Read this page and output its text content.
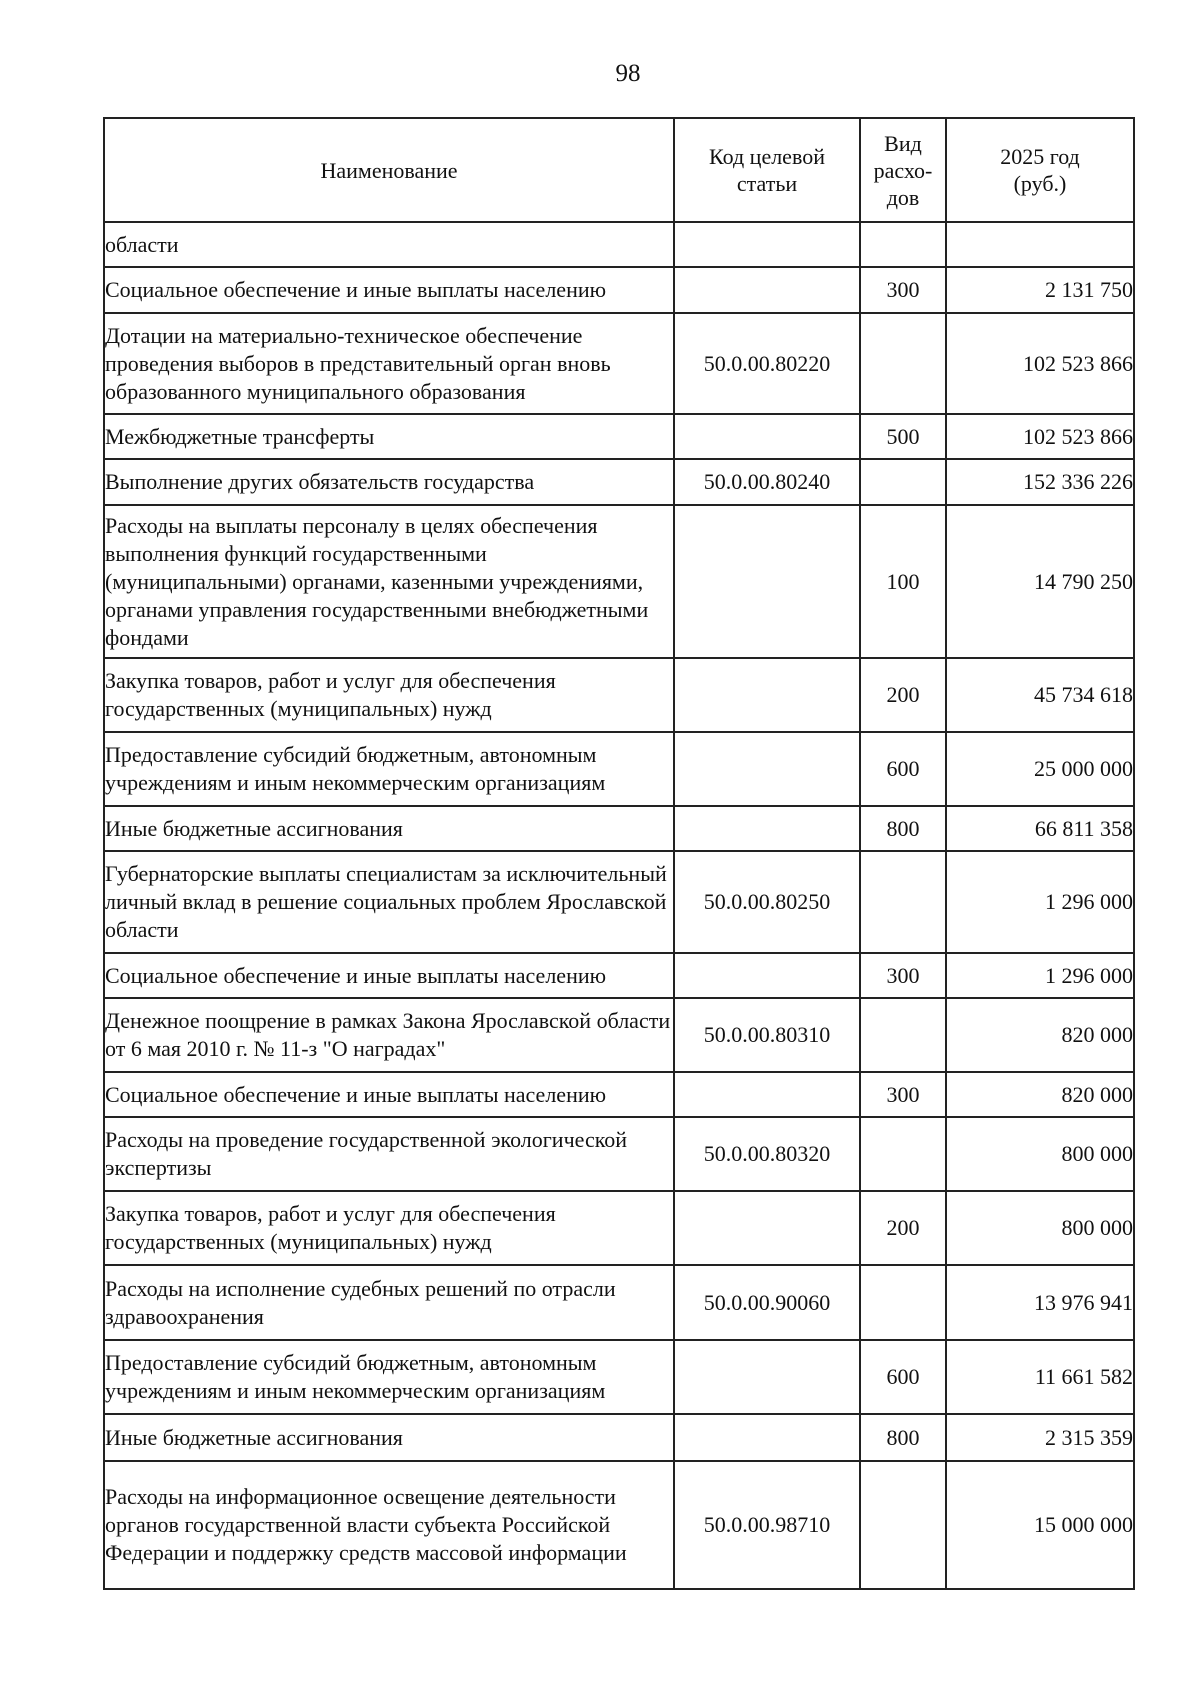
98
Наименование	Код целевой статьи	Вид расхо-дов	2025 год (руб.)
области			
Социальное обеспечение и иные выплаты населению		300	2 131 750
Дотации на материально-техническое обеспечение проведения выборов в представительный орган вновь образованного муниципального образования	50.0.00.80220		102 523 866
Межбюджетные трансферты		500	102 523 866
Выполнение других обязательств государства	50.0.00.80240		152 336 226
Расходы на выплаты персоналу в целях обеспечения выполнения функций государственными (муниципальными) органами, казенными учреждениями, органами управления государственными внебюджетными фондами		100	14 790 250
Закупка товаров, работ и услуг для обеспечения государственных (муниципальных) нужд		200	45 734 618
Предоставление субсидий бюджетным, автономным учреждениям и иным некоммерческим организациям		600	25 000 000
Иные бюджетные ассигнования		800	66 811 358
Губернаторские выплаты специалистам за исключительный личный вклад в решение социальных проблем Ярославской области	50.0.00.80250		1 296 000
Социальное обеспечение и иные выплаты населению		300	1 296 000
Денежное поощрение в рамках Закона Ярославской области от 6 мая 2010 г. № 11-з "О наградах"	50.0.00.80310		820 000
Социальное обеспечение и иные выплаты населению		300	820 000
Расходы на проведение государственной экологической экспертизы	50.0.00.80320		800 000
Закупка товаров, работ и услуг для обеспечения государственных (муниципальных) нужд		200	800 000
Расходы на исполнение судебных решений по отрасли здравоохранения	50.0.00.90060		13 976 941
Предоставление субсидий бюджетным, автономным учреждениям и иным некоммерческим организациям		600	11 661 582
Иные бюджетные ассигнования		800	2 315 359
Расходы на информационное освещение деятельности органов государственной власти субъекта Российской Федерации и поддержку средств массовой информации	50.0.00.98710		15 000 000
